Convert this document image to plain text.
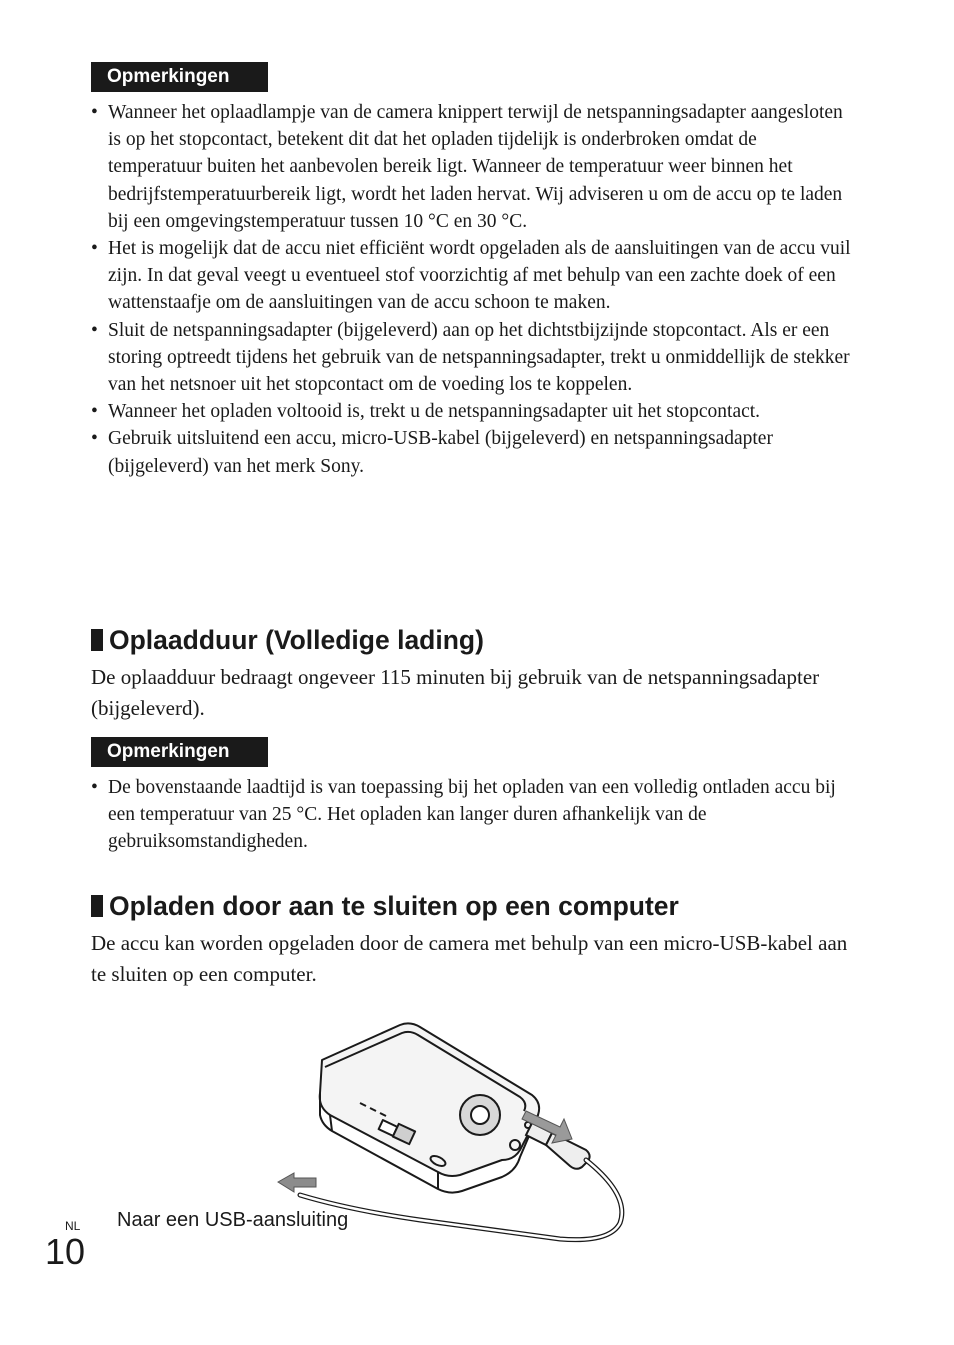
Opmerkingen
• Wanneer het oplaadlampje van de camera knippert terwijl de netspanningsadapter aangesloten is op het stopcontact, betekent dit dat het opladen tijdelijk is onderbroken omdat de temperatuur buiten het aanbevolen bereik ligt. Wanneer de temperatuur weer binnen het bedrijfstemperatuurbereik ligt, wordt het laden hervat. Wij adviseren u om de accu op te laden bij een omgevingstemperatuur tussen 10 °C en 30 °C.
• Het is mogelijk dat de accu niet efficiënt wordt opgeladen als de aansluitingen van de accu vuil zijn. In dat geval veegt u eventueel stof voorzichtig af met behulp van een zachte doek of een wattenstaafje om de aansluitingen van de accu schoon te maken.
• Sluit de netspanningsadapter (bijgeleverd) aan op het dichtstbijzijnde stopcontact. Als er een storing optreedt tijdens het gebruik van de netspanningsadapter, trekt u onmiddellijk de stekker van het netsnoer uit het stopcontact om de voeding los te koppelen.
• Wanneer het opladen voltooid is, trekt u de netspanningsadapter uit het stopcontact.
• Gebruik uitsluitend een accu, micro-USB-kabel (bijgeleverd) en netspanningsadapter (bijgeleverd) van het merk Sony.
Oplaadduur (Volledige lading)

De oplaadduur bedraagt ongeveer 115 minuten bij gebruik van de netspanningsadapter (bijgeleverd).

Opmerkingen
• De bovenstaande laadtijd is van toepassing bij het opladen van een volledig ontladen accu bij een temperatuur van 25 °C. Het opladen kan langer duren afhankelijk van de gebruiksomstandigheden.
Opladen door aan te sluiten op een computer

De accu kan worden opgeladen door de camera met behulp van een micro-USB-kabel aan te sluiten op een computer.

Naar een USB-aansluiting
NL
10
